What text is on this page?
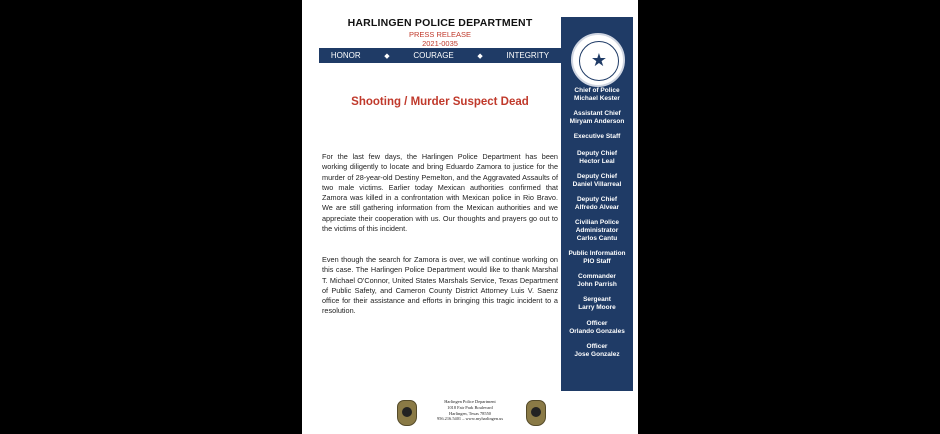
HARLINGEN POLICE DEPARTMENT
PRESS RELEASE
2021-0035
HONOR	◆	COURAGE	◆	INTEGRITY
Shooting / Murder Suspect Dead
For the last few days, the Harlingen Police Department has been working diligently to locate and bring Eduardo Zamora to justice for the murder of 28-year-old Destiny Pemelton, and the Aggravated Assaults of two male victims. Earlier today Mexican authorities confirmed that Zamora was killed in a confrontation with Mexican police in Rio Bravo. We are still gathering information from the Mexican authorities and we appreciate their cooperation with us. Our thoughts and prayers go out to the victims of this incident.
Even though the search for Zamora is over, we will continue working on this case. The Harlingen Police Department would like to thank Marshal T. Michael O'Connor, United States Marshals Service, Texas Department of Public Safety, and Cameron County District Attorney Luis V. Saenz office for their assistance and efforts in bringing this tragic incident to a resolution.
★
Chief of Police
Michael Kester
Assistant Chief
Miryam Anderson
Executive Staff
Deputy Chief
Hector Leal
Deputy Chief
Daniel Villarreal
Deputy Chief
Alfredo Alvear
Civilian Police Administrator
Carlos Cantu
Public Information
PIO Staff
Commander
John Parrish
Sergeant
Larry Moore
Officer
Orlando Gonzales
Officer
Jose Gonzalez
Harlingen Police Department
1018 Fair Park Boulevard
Harlingen, Texas 78550
956.216.5401 – www.myharlingen.us
